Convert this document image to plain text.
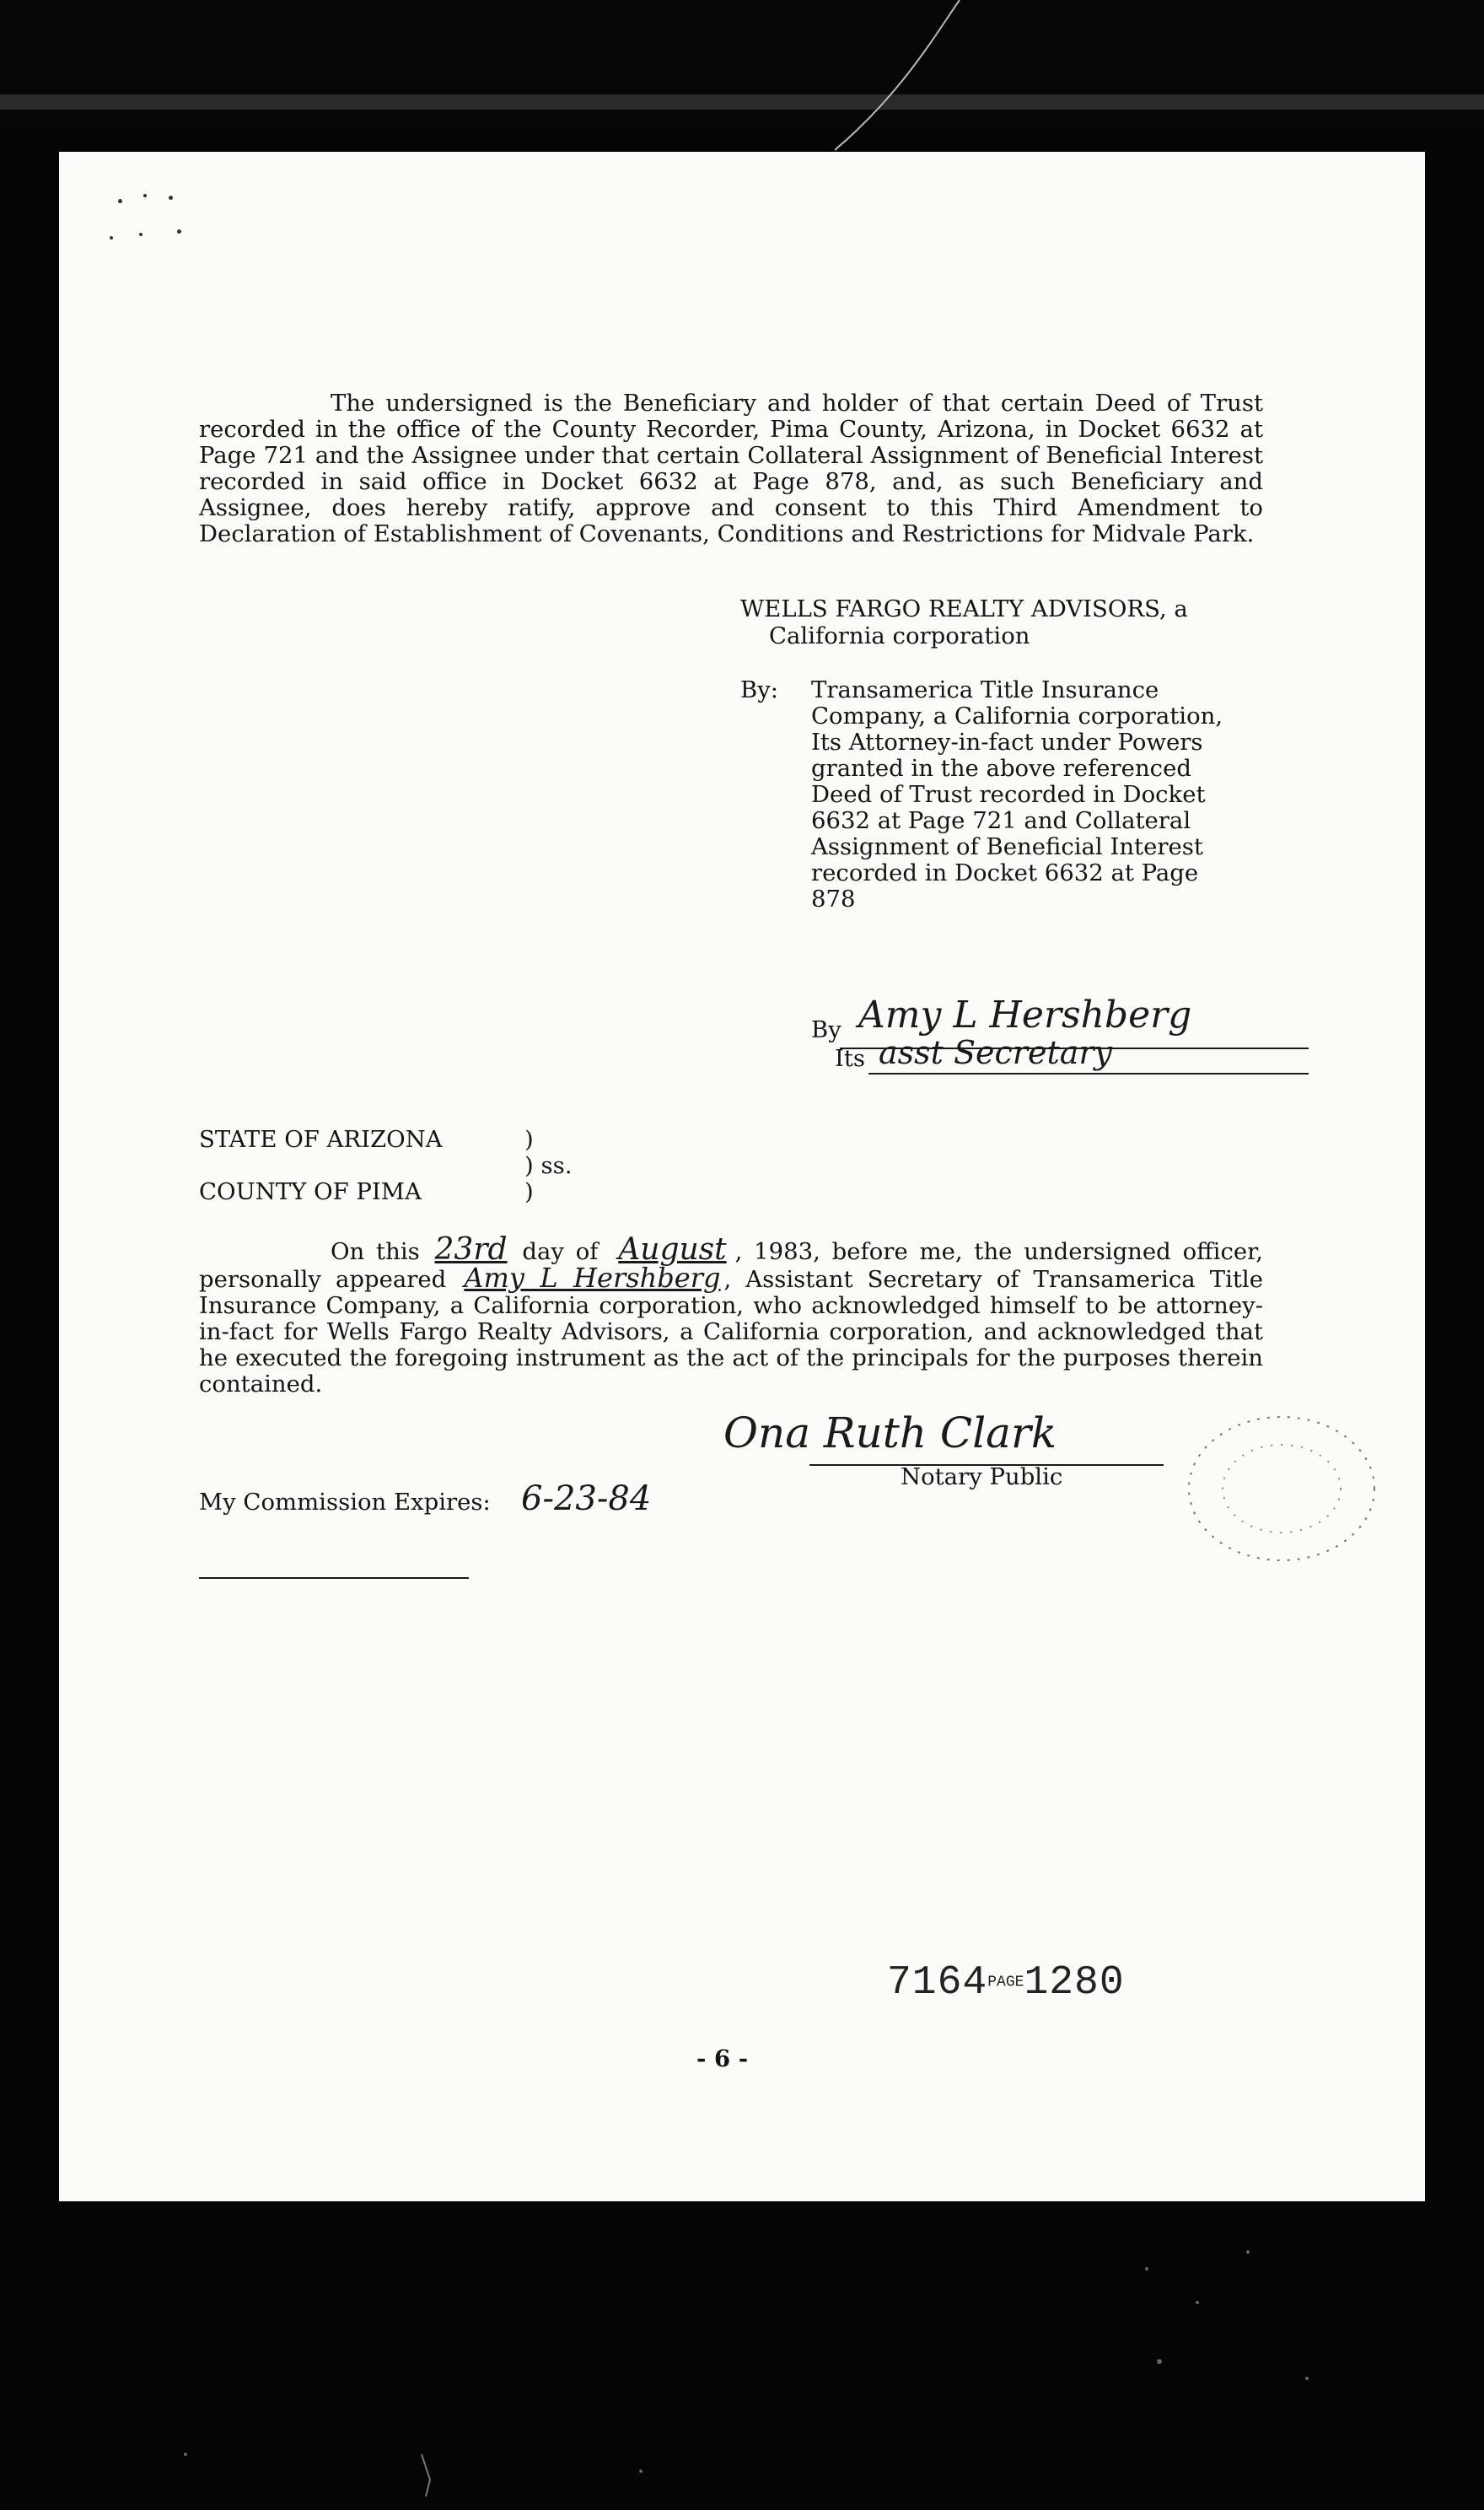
The undersigned is the Beneficiary and holder of that certain Deed of Trust recorded in the office of the County Recorder, Pima County, Arizona, in Docket 6632 at Page 721 and the Assignee under that certain Collateral Assignment of Beneficial Interest recorded in said office in Docket 6632 at Page 878, and, as such Beneficiary and Assignee, does hereby ratify, approve and consent to this Third Amendment to Declaration of Establishment of Covenants, Conditions and Restrictions for Midvale Park.

WELLS FARGO REALTY ADVISORS, a

California corporation

By: Transamerica Title Insurance Company, a California corporation, Its Attorney-in-fact under Powers granted in the above referenced Deed of Trust recorded in Docket 6632 at Page 721 and Collateral Assignment of Beneficial Interest recorded in Docket 6632 at Page 878

By Amy L Hershberg

Its asst Secretary

STATE OF ARIZONA

COUNTY OF PIMA

)

) ss.

)

On this 23rd day of August , 1983, before me, the undersigned officer, personally appeared Amy L Hershberg , Assistant Secretary of Transamerica Title Insurance Company, a California corporation, who acknowledged himself to be attorney-in-fact for Wells Fargo Realty Advisors, a California corporation, and acknowledged that he executed the foregoing instrument as the act of the principals for the purposes therein contained.

Ona Ruth Clark

Notary Public

My Commission Expires: 6-23-84
7164PAGE1280

- 6 -
